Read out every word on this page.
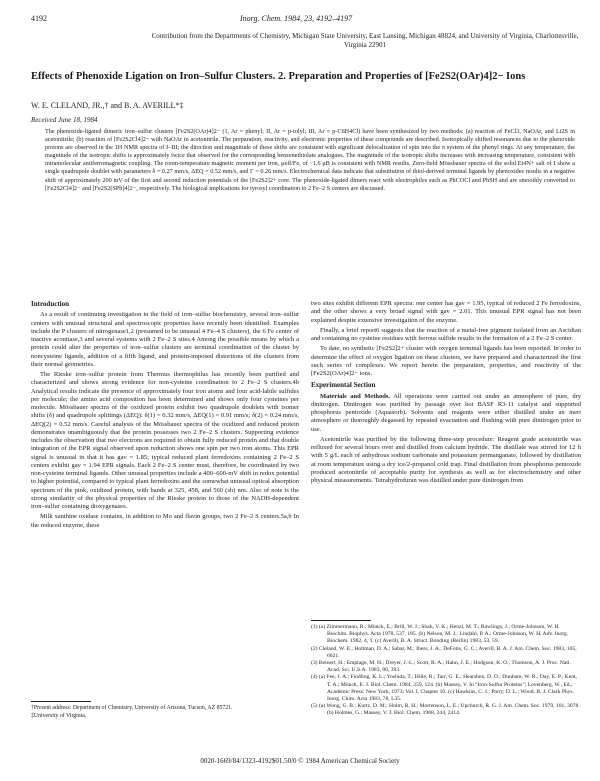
4192	Inorg. Chem. 1984, 23, 4192–4197
Contribution from the Departments of Chemistry, Michigan State University, East Lansing, Michigan 48824, and University of Virginia, Charlottesville, Virginia 22901
Effects of Phenoxide Ligation on Iron–Sulfur Clusters. 2. Preparation and Properties of [Fe2S2(OAr)4]2− Ions
W. E. CLELAND, JR.,† and B. A. AVERILL*‡
Received June 18, 1984
The phenoxide-ligated dimeric iron–sulfur clusters [Fe2S2(OAr)4]2− (1, Ar = phenyl; II, Ar = p-tolyl; III, Ar = p-C6H4Cl) have been synthesized by two methods: (a) reaction of FeCl3, NaOAr, and Li2S in acetonitrile; (b) reaction of [Fe2S2Cl4]2− with NaOAr in acetonitrile. The preparation, reactivity, and electronic properties of these compounds are described. Isotropically shifted resonances due to the phenoxide protons are observed in the 1H NMR spectra of I–III; the direction and magnitude of these shifts are consistent with significant delocalization of spin into the π system of the phenyl rings. At any temperature, the magnitude of the isotropic shifts is approximately twice that observed for the corresponding benzenethiolate analogues. The magnitude of the isotropic shifts increases with increasing temperature, consistent with intramolecular antiferromagnetic coupling. The room-temperature magnetic moment per iron, μeff/Fe, of ~1.6 μB is consistent with NMR results. Zero-field Mössbauer spectra of the solid Et4N+ salt of I show a single quadrupole doublet with parameters δ = 0.27 mm/s, ΔEQ = 0.52 mm/s, and Γ = 0.26 mm/s. Electrochemical data indicate that substitution of thiol-derived terminal ligands by phenoxides results in a negative shift of approximately 200 mV of the first and second reduction potentials of the [Fe2S2]2+ core. The phenoxide-ligated dimers react with electrophiles such as PhCOCl and PhSH and are smoothly converted to [Fe2S2Cl4]2− and [Fe2S2(SPh)4]2−, respectively. The biological implications for tyrosyl coordination to 2 Fe–2 S centers are discussed.
Introduction

As a result of continuing investigation in the field of iron–sulfur biochemistry, several iron–sulfur centers with unusual structural and spectroscopic properties have recently been identified. Examples include the P clusters of nitrogenase1,2 (presumed to be unusual 4 Fe–4 S clusters), the 6 Fe center of inactive aconitase,3 and several systems with 2 Fe–2 S sites.4 Among the possible means by which a protein could alter the properties of iron–sulfur clusters are terminal coordination of the cluster by noncysteine ligands, addition of a fifth ligand, and protein-imposed distortions of the clusters from their normal geometries.

The Rieske iron–sulfur protein from Thermus thermophilus has recently been purified and characterized and shows strong evidence for non-cysteine coordination to 2 Fe–2 S clusters.4b Analytical results indicate the presence of approximately four iron atoms and four acid-labile sulfides per molecule; the amino acid composition has been determined and shows only four cysteines per molecule. Mössbauer spectra of the oxidized protein exhibit two quadrupole doublets with isomer shifts (δ) and quadrupole splittings (ΔEQ): δ(1) = 0.32 mm/s, ΔEQ(1) = 0.91 mm/s; δ(2) = 0.24 mm/s, ΔEQ(2) = 0.52 mm/s. Careful analysis of the Mössbauer spectra of the oxidized and reduced protein demonstrates unambiguously that the protein possesses two 2 Fe–2 S clusters. Supporting evidence includes the observation that two electrons are required to obtain fully reduced protein and that double integration of the EPR signal observed upon reduction shows one spin per two iron atoms. This EPR signal is unusual in that it has gav = 1.85; typical reduced plant ferredoxins containing 2 Fe–2 S centers exhibit gav = 1.94 EPR signals. Each 2 Fe–2 S center must, therefore, be coordinated by two non-cysteine terminal ligands. Other unusual properties include a 400–600-mV shift in redox potential to higher potential, compared to typical plant ferredoxins and the somewhat unusual optical absorption spectrum of the pink, oxidized protein, with bands at 325, 458, and 560 (sh) nm. Also of note is the strong similarity of the physical properties of the Rieske protein to those of the NADH-dependent iron–sulfur containing dioxygenases.

Milk xanthine oxidase contains, in addition to Mo and flavin groups, two 2 Fe–2 S centers.5a,b In the reduced enzyme, these

two sites exhibit different EPR spectra: one center has gav = 1.95, typical of reduced 2 Fe ferredoxins, and the other shows a very broad signal with gav = 2.01. This unusual EPR signal has not been explained despite extensive investigation of the enzyme.

Finally, a brief report6 suggests that the reaction of a metal-free pigment isolated from an Ascidian and containing no cysteine residues with ferrous sulfide results in the formation of a 2 Fe–2 S center.

To date, no synthetic [Fe2S2]2+ cluster with oxygen terminal ligands has been reported. In order to determine the effect of oxygen ligation on these clusters, we have prepared and characterized the first such series of complexes. We report herein the preparation, properties, and reactivity of the [Fe2S2(OAr)4]2− ions.

Experimental Section

Materials and Methods. All operations were carried out under an atmosphere of pure, dry dinitrogen. Dinitrogen was purified by passage over hot BASF R3-11 catalyst and supported phosphorus pentoxide (Aquasorb). Solvents and reagents were either distilled under an inert atmosphere or thoroughly degassed by repeated evacuation and flushing with pure dinitrogen prior to use.

Acetonitrile was purified by the following three-step procedure: Reagent grade acetonitrile was refluxed for several hours over and distilled from calcium hydride. The distillate was stirred for 12 h with 5 g/L each of anhydrous sodium carbonate and potassium permanganate, followed by distillation at room temperature using a dry ice/2-propanol cold trap. Final distillation from phosphorus pentoxide produced acetonitrile of acceptable purity for synthesis as well as for electrochemistry and other physical measurements. Tetrahydrofuran was distilled under pure dinitrogen from

(1) (a) Zimmermann, R.; Münck, E.; Brill, W. J.; Shah, V. K.; Henzl, M. T.; Rawlings, J.; Orme-Johnson, W. H. Biochim. Biophys. Acta 1978, 537, 185. (b) Nelson, M. J.; Lindahl, P. A.; Orme-Johnson, W. H. Adv. Inorg. Biochem. 1982, 4, 1. (c) Averill, B. A. Struct. Bonding (Berlin) 1983, 53, 59.
(2) Cleland, W. E.; Holtman, D. A.; Sabat, M.; Ibers, J. A.; DeFotis, G. C.; Averill, B. A. J. Am. Chem. Soc. 1983, 105, 6021.
(3) Beinert, H.; Emptage, M. H.; Dreyer, J.-L.; Scott, R. A.; Hahn, J. E.; Hodgson, K. O.; Thomson, A. J. Proc. Natl. Acad. Sci. U.S.A. 1983, 80, 393.
(4) (a) Fee, J. A.; Findling, K. L.; Yoshida, T.; Hille, R.; Tarr, G. E.; Hearshen, D. O.; Dunham, W. R.; Day, E. P.; Kent, T. A.; Münck, E. J. Biol. Chem. 1984, 259, 124. (b) Massey, V. In "Iron-Sulfur Proteins"; Lovenberg, W., Ed.; Academic Press: New York, 1973; Vol. I, Chapter 10. (c) Hawkins, C. J.; Parry, D. L.; Wood, B. J. Clark Phys. Inorg. Chim. Acta 1983, 78, L35.
(5) (a) Wong, G. B.; Kurtz, D. M.; Holm, R. H.; Mortenson, L. E.; Upchurch, R. G. J. Am. Chem. Soc. 1979, 101, 3078. (b) Holmes, G.; Massey, V. J. Biol. Chem. 1968, 244, 2414.
†Present address: Department of Chemistry, University of Arizona, Tucson, AZ 85721.
‡University of Virginia.
0020-1669/84/1323-4192$01.50/0 © 1984 American Chemical Society
